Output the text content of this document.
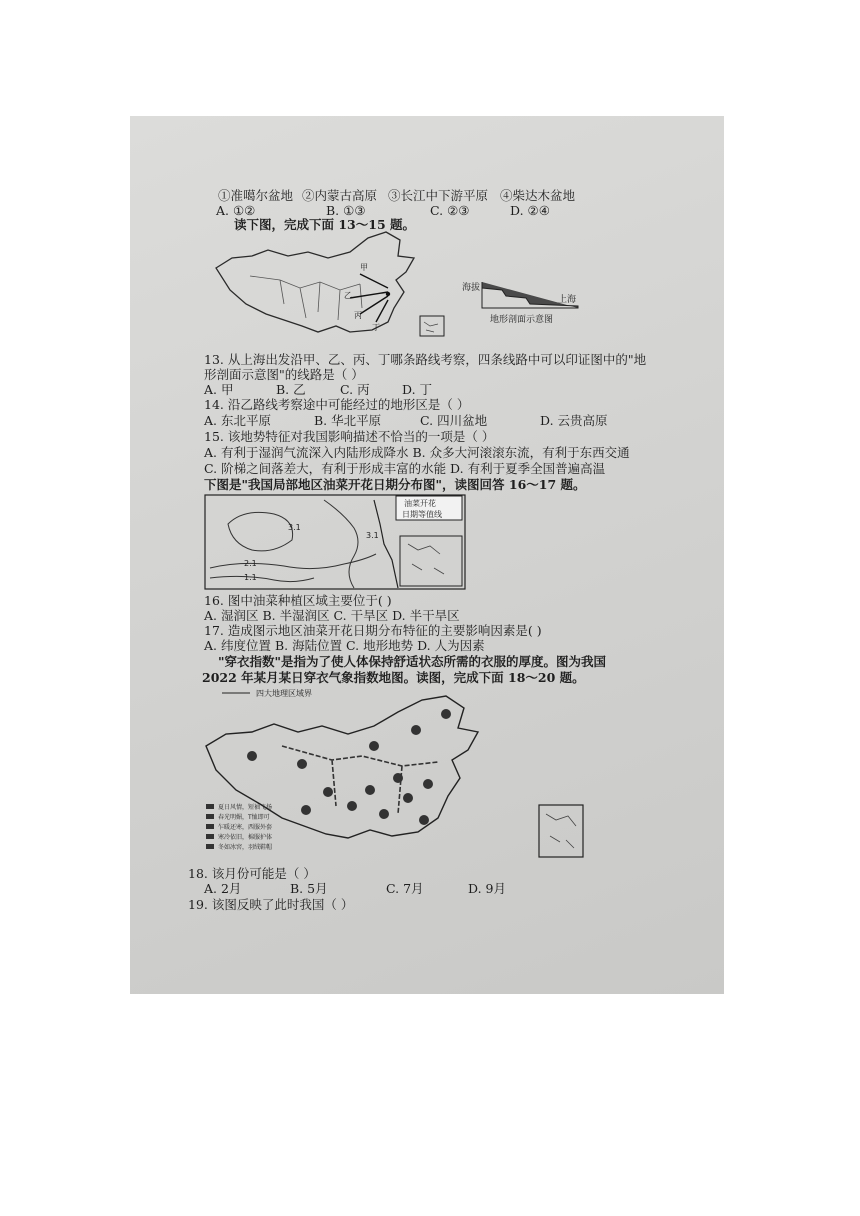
①准噶尔盆地 ②内蒙古高原 ③长江中下游平原 ④柴达木盆地
A. ①②	B. ①③	C. ②③	D. ②④
读下图，完成下面 13～15 题。
甲
乙
丙
丁
海拔
上海
地形剖面示意图
13. 从上海出发沿甲、乙、丙、丁哪条路线考察，四条线路中可以印证图中的"地
形剖面示意图"的线路是（ ）
A. 甲	B. 乙	C. 丙	D. 丁
14. 沿乙路线考察途中可能经过的地形区是（ ）
A. 东北平原	B. 华北平原	C. 四川盆地	D. 云贵高原
15. 该地势特征对我国影响描述不恰当的一项是（ ）
A. 有利于湿润气流深入内陆形成降水 B. 众多大河滚滚东流，有利于东西交通
C. 阶梯之间落差大，有利于形成丰富的水能 D. 有利于夏季全国普遍高温
下图是"我国局部地区油菜开花日期分布图"，读图回答 16～17 题。
3.1
3.1
2.1
1.1
油菜开花
日期等值线
16. 图中油菜种植区域主要位于( )
A. 湿润区 B. 半湿润区 C. 干旱区 D. 半干旱区
17. 造成图示地区油菜开花日期分布特征的主要影响因素是( )
A. 纬度位置 B. 海陆位置 C. 地形地势 D. 人为因素
"穿衣指数"是指为了使人体保持舒适状态所需的衣服的厚度。图为我国
2022 年某月某日穿衣气象指数地图。读图，完成下面 18～20 题。
四大地理区域界
夏日风情，短袖飞扬
春光明媚，T恤即可
乍暖还寒，西服外套
寒冷依旧，棉服护体
冬如冰窖，羽绒鞋帽
18. 该月份可能是（ ）
A. 2月	B. 5月	C. 7月	D. 9月
19. 该图反映了此时我国（ ）
